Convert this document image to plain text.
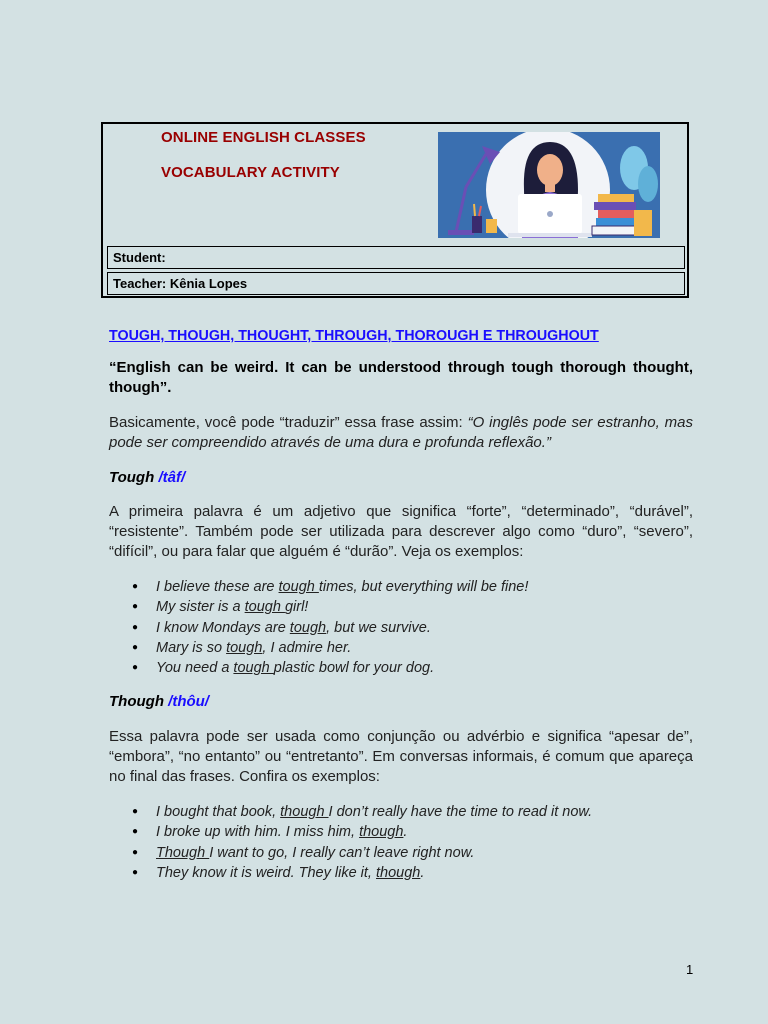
ONLINE ENGLISH CLASSES
VOCABULARY ACTIVITY
Student:
Teacher: Kênia Lopes
TOUGH, THOUGH, THOUGHT, THROUGH, THOROUGH E THROUGHOUT
“English can be weird. It can be understood through tough thorough thought, though”.
Basicamente, você pode “traduzir” essa frase assim: “O inglês pode ser estranho, mas pode ser compreendido através de uma dura e profunda reflexão.”
Tough /tâf/
A primeira palavra é um adjetivo que significa “forte”, “determinado”, “durável”, “resistente”. Também pode ser utilizada para descrever algo como “duro”, “severo”, “difícil”, ou para falar que alguém é “durão”. Veja os exemplos:
● I believe these are tough times, but everything will be fine!
● My sister is a tough girl!
● I know Mondays are tough, but we survive.
● Mary is so tough, I admire her.
● You need a tough plastic bowl for your dog.
Though /thôu/
Essa palavra pode ser usada como conjunção ou advérbio e significa “apesar de”, “embora”, “no entanto” ou “entretanto”. Em conversas informais, é comum que apareça no final das frases. Confira os exemplos:
● I bought that book, though I don’t really have the time to read it now.
● I broke up with him. I miss him, though.
● Though I want to go, I really can’t leave right now.
● They know it is weird. They like it, though.
1
